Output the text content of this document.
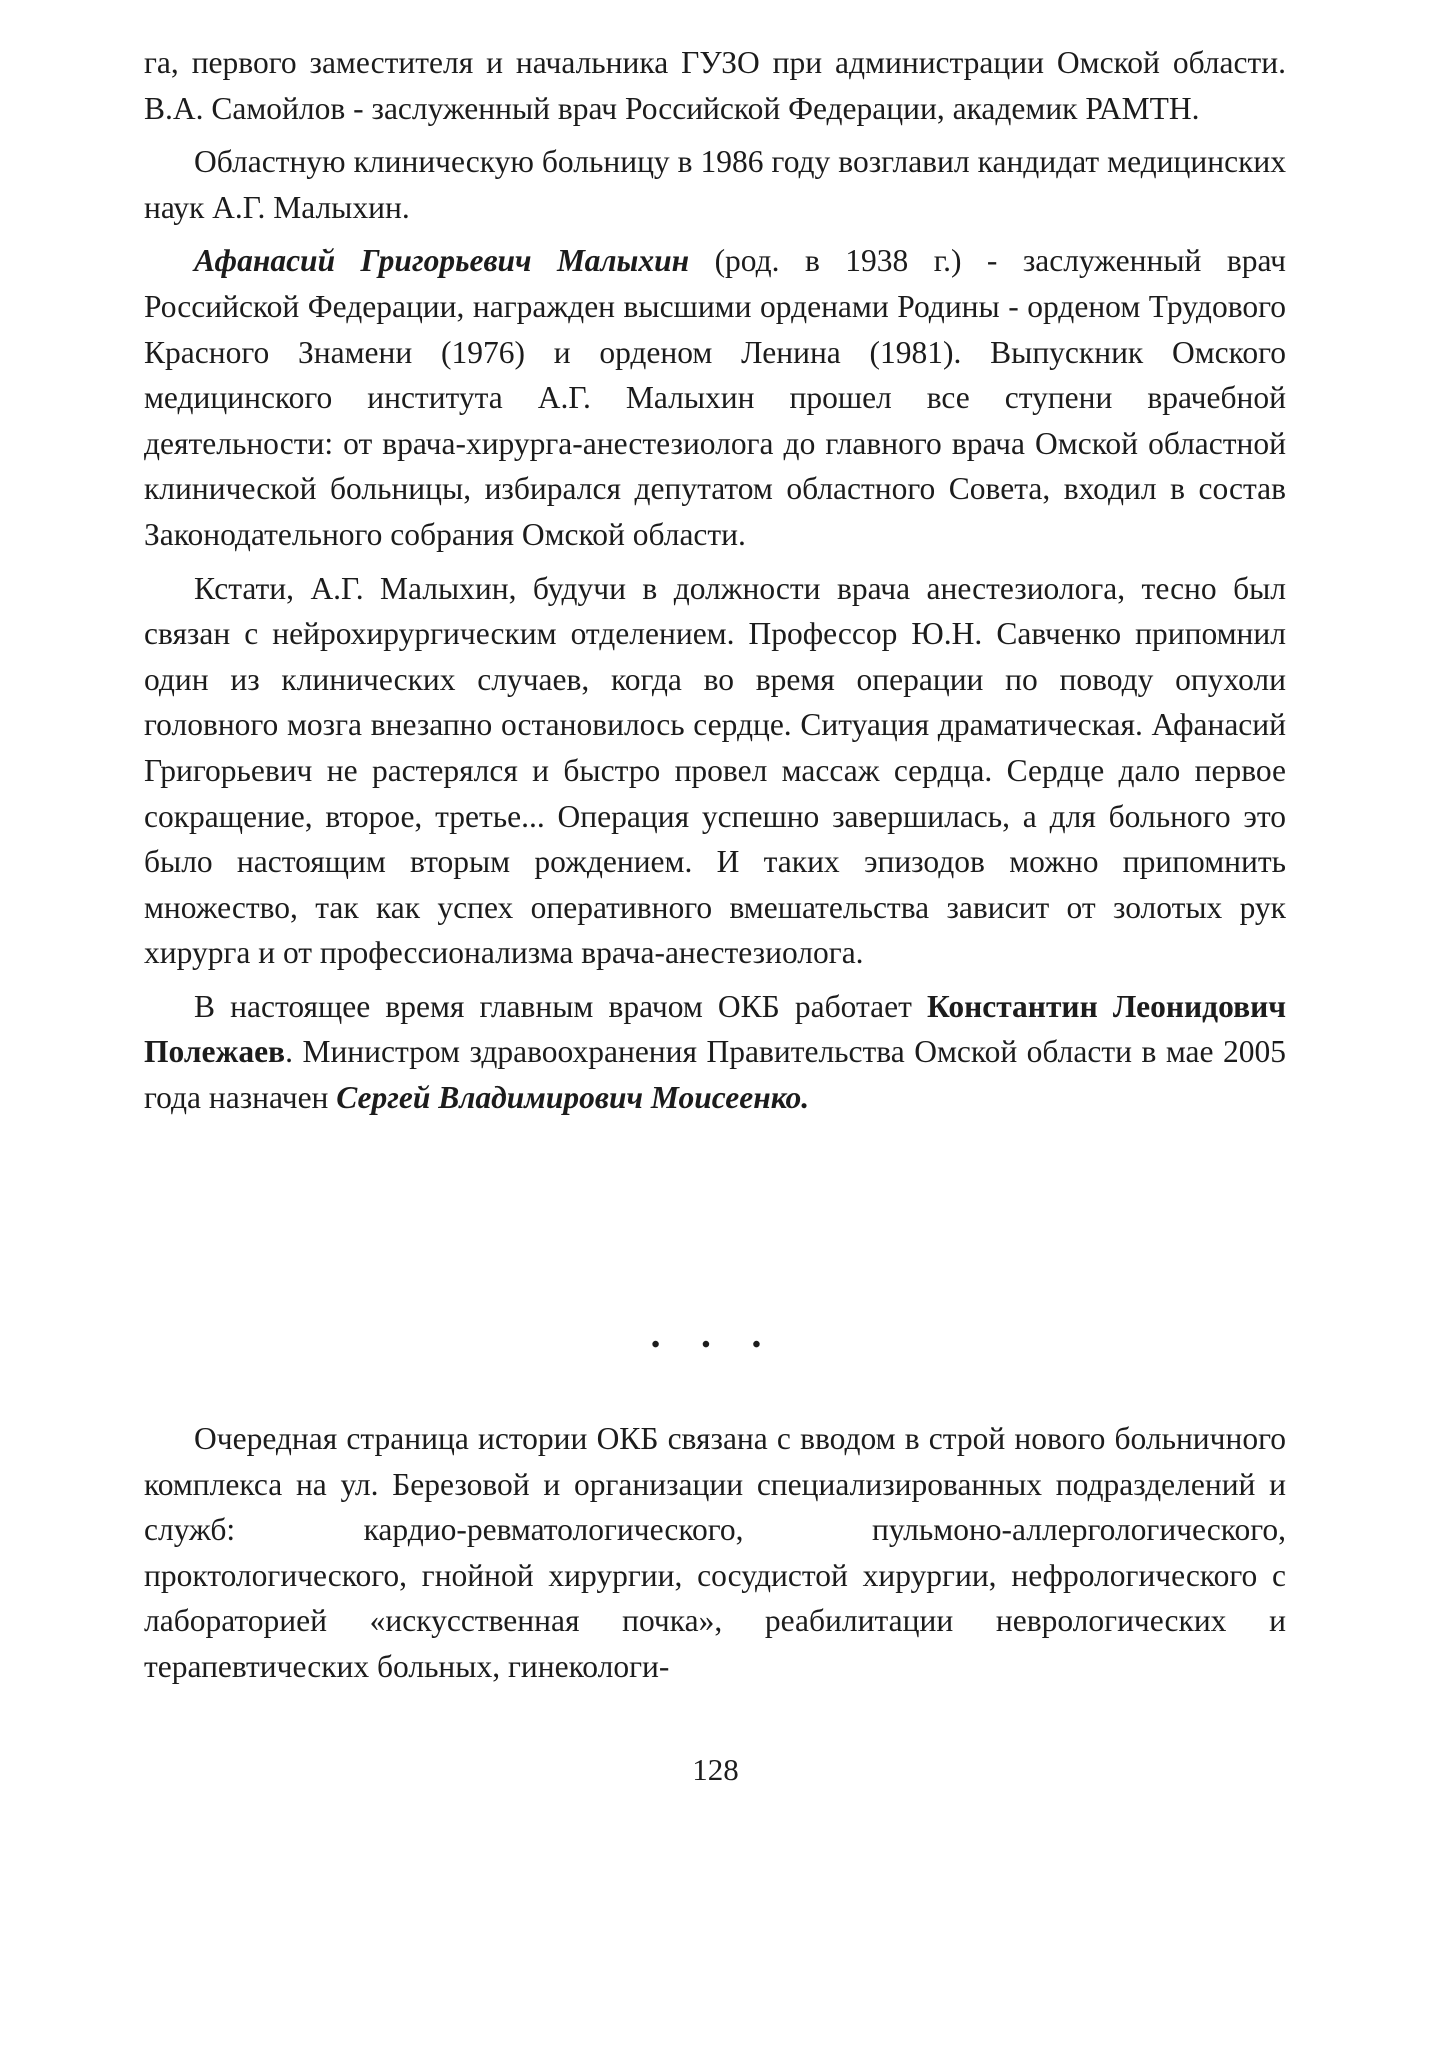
га, первого заместителя и начальника ГУЗО при администрации Омской области. В.А. Самойлов - заслуженный врач Российской Федерации, академик РАМТН.

Областную клиническую больницу в 1986 году возглавил кандидат медицинских наук А.Г. Малыхин.

Афанасий Григорьевич Малыхин (род. в 1938 г.) - заслуженный врач Российской Федерации, награжден высшими орденами Родины - орденом Трудового Красного Знамени (1976) и орденом Ленина (1981). Выпускник Омского медицинского института А.Г. Малыхин прошел все ступени врачебной деятельности: от врача-хирурга-анестезиолога до главного врача Омской областной клинической больницы, избирался депутатом областного Совета, входил в состав Законодательного собрания Омской области.

Кстати, А.Г. Малыхин, будучи в должности врача анестезиолога, тесно был связан с нейрохирургическим отделением. Профессор Ю.Н. Савченко припомнил один из клинических случаев, когда во время операции по поводу опухоли головного мозга внезапно остановилось сердце. Ситуация драматическая. Афанасий Григорьевич не растерялся и быстро провел массаж сердца. Сердце дало первое сокращение, второе, третье... Операция успешно завершилась, а для больного это было настоящим вторым рождением. И таких эпизодов можно припомнить множество, так как успех оперативного вмешательства зависит от золотых рук хирурга и от профессионализма врача-анестезиолога.

В настоящее время главным врачом ОКБ работает Константин Леонидович Полежаев. Министром здравоохранения Правительства Омской области в мае 2005 года назначен Сергей Владимирович Моисеенко.

• • •

Очередная страница истории ОКБ связана с вводом в строй нового больничного комплекса на ул. Березовой и организации специализированных подразделений и служб: кардио-ревматологического, пульмоно-аллергологического, проктологического, гнойной хирургии, сосудистой хирургии, нефрологического с лабораторией «искусственная почка», реабилитации неврологических и терапевтических больных, гинекологи-

128
